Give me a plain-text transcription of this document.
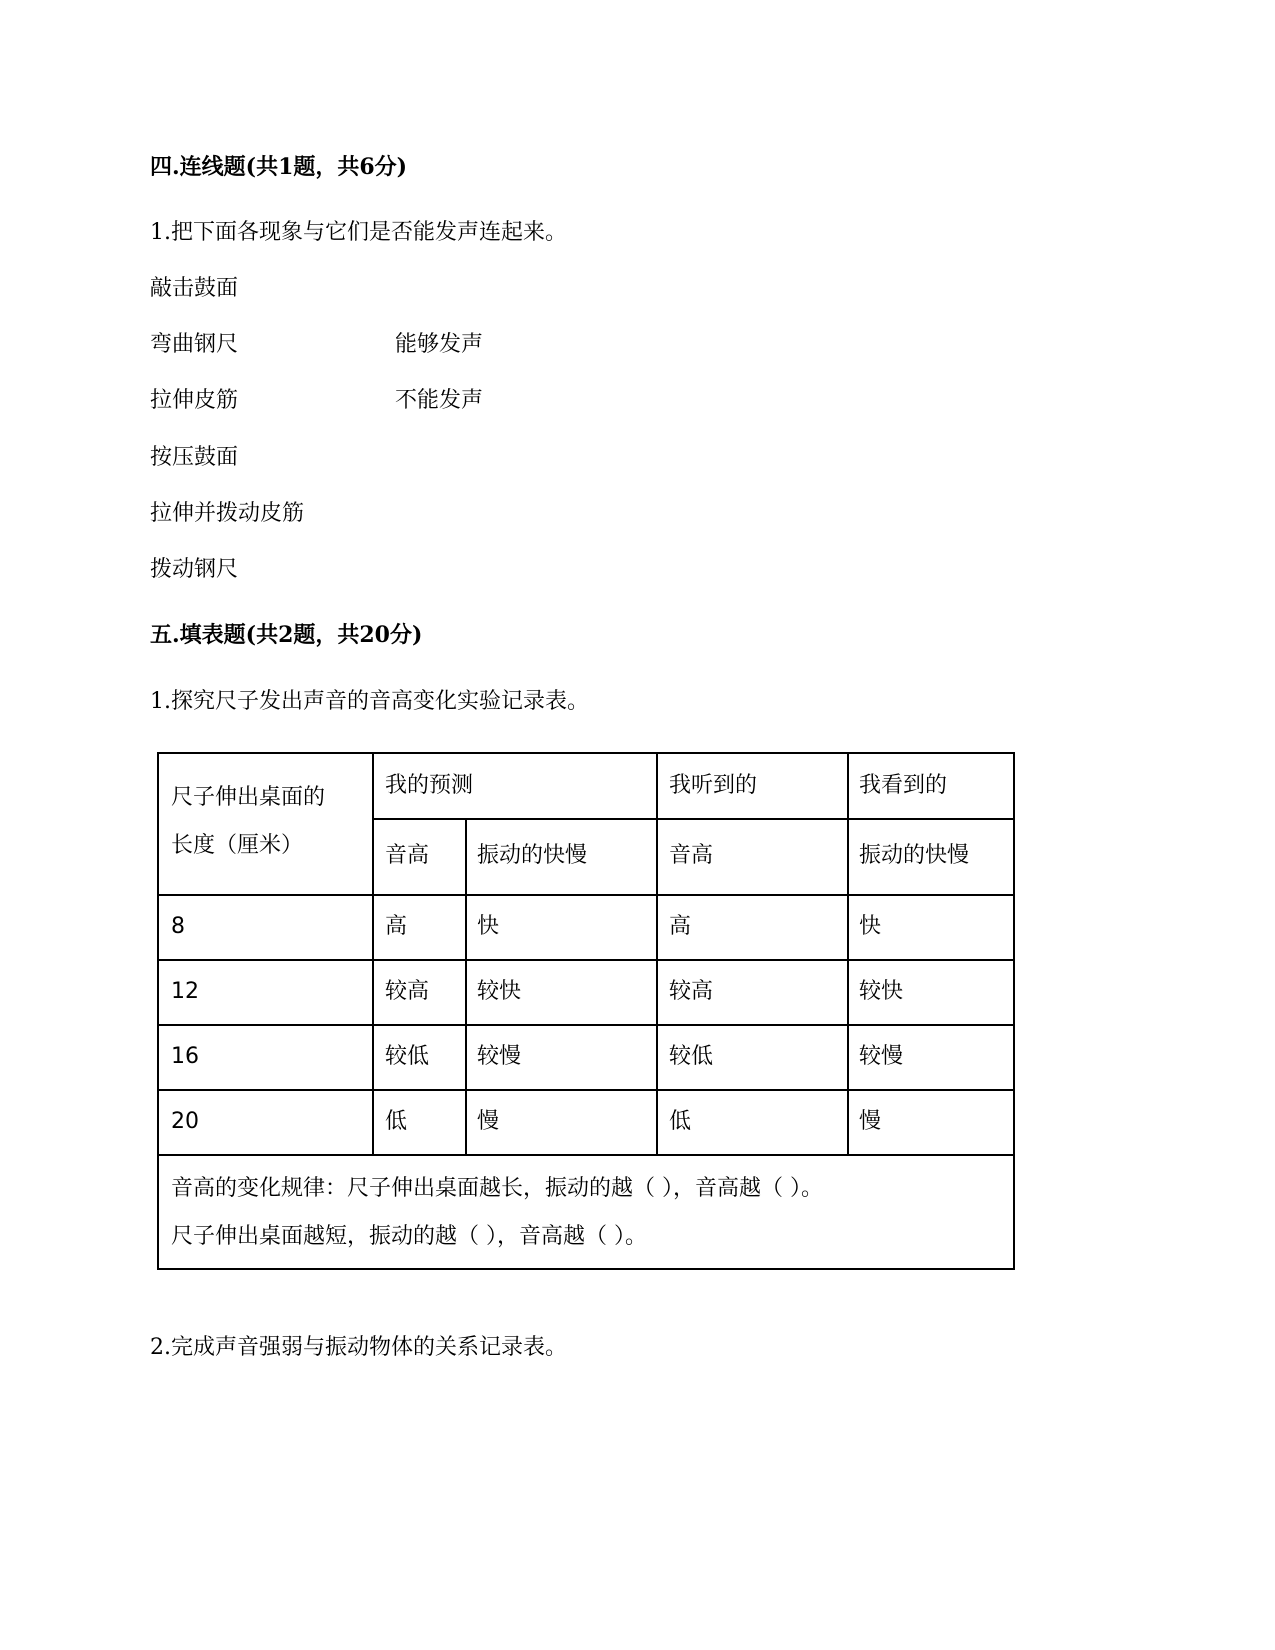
四.连线题(共1题，共6分)
1.把下面各现象与它们是否能发声连起来。
敲击鼓面
弯曲钢尺
拉伸皮筋
按压鼓面
拉伸并拨动皮筋
拨动钢尺
能够发声
不能发声
五.填表题(共2题，共20分)
1.探究尺子发出声音的音高变化实验记录表。
尺子伸出桌面的
长度（厘米）
我的预测	我听到的	我看到的
音高 振动的快慢	音高	振动的快慢
8	高	快	高	快
12	较高 较快	较高	较快
16	较低 较慢	较低	较慢
20	低	慢	低	慢
音高的变化规律：尺子伸出桌面越长，振动的越（ ），音高越（ ）。
尺子伸出桌面越短，振动的越（ ），音高越（ ）。
2.完成声音强弱与振动物体的关系记录表。
